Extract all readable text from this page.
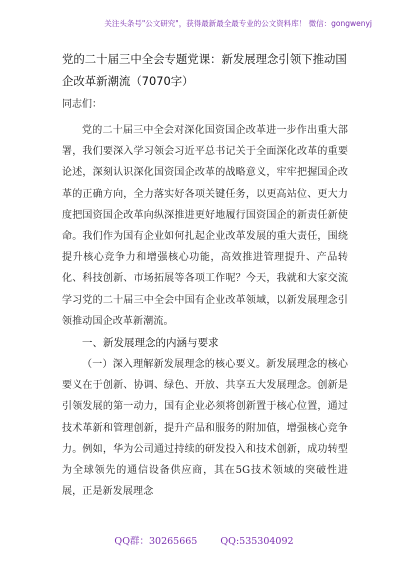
关注头条号"公文研究"，获得最新最全最专业的公文资料库！ 微信：gongwenyj
党的二十届三中全会专题党课：新发展理念引领下推动国企改革新潮流（7070字）
同志们：

党的二十届三中全会对深化国资国企改革进一步作出重大部署，我们要深入学习领会习近平总书记关于全面深化改革的重要论述，深刻认识深化国资国企改革的战略意义，牢牢把握国企改革的正确方向，全力落实好各项关键任务，以更高站位、更大力度把国资国企改革向纵深推进更好地履行国资国企的新责任新使命。我们作为国有企业如何扎起企业改革发展的重大责任，围绕提升核心竞争力和增强核心功能，高效推进管理提升、产品转化、科技创新、市场拓展等各项工作呢？今天，我就和大家交流学习党的二十届三中全会中国有企业改革领域，以新发展理念引领推动国企改革新潮流。

一、新发展理念的内涵与要求

（一）深入理解新发展理念的核心要义。新发展理念的核心要义在于创新、协调、绿色、开放、共享五大发展理念。创新是引领发展的第一动力，国有企业必须将创新置于核心位置，通过技术革新和管理创新，提升产品和服务的附加值，增强核心竞争力。例如，华为公司通过持续的研发投入和技术创新，成功转型为全球领先的通信设备供应商，其在5G技术领域的突破性进展，正是新发展理念

QQ群：30265665 QQ:535304092
